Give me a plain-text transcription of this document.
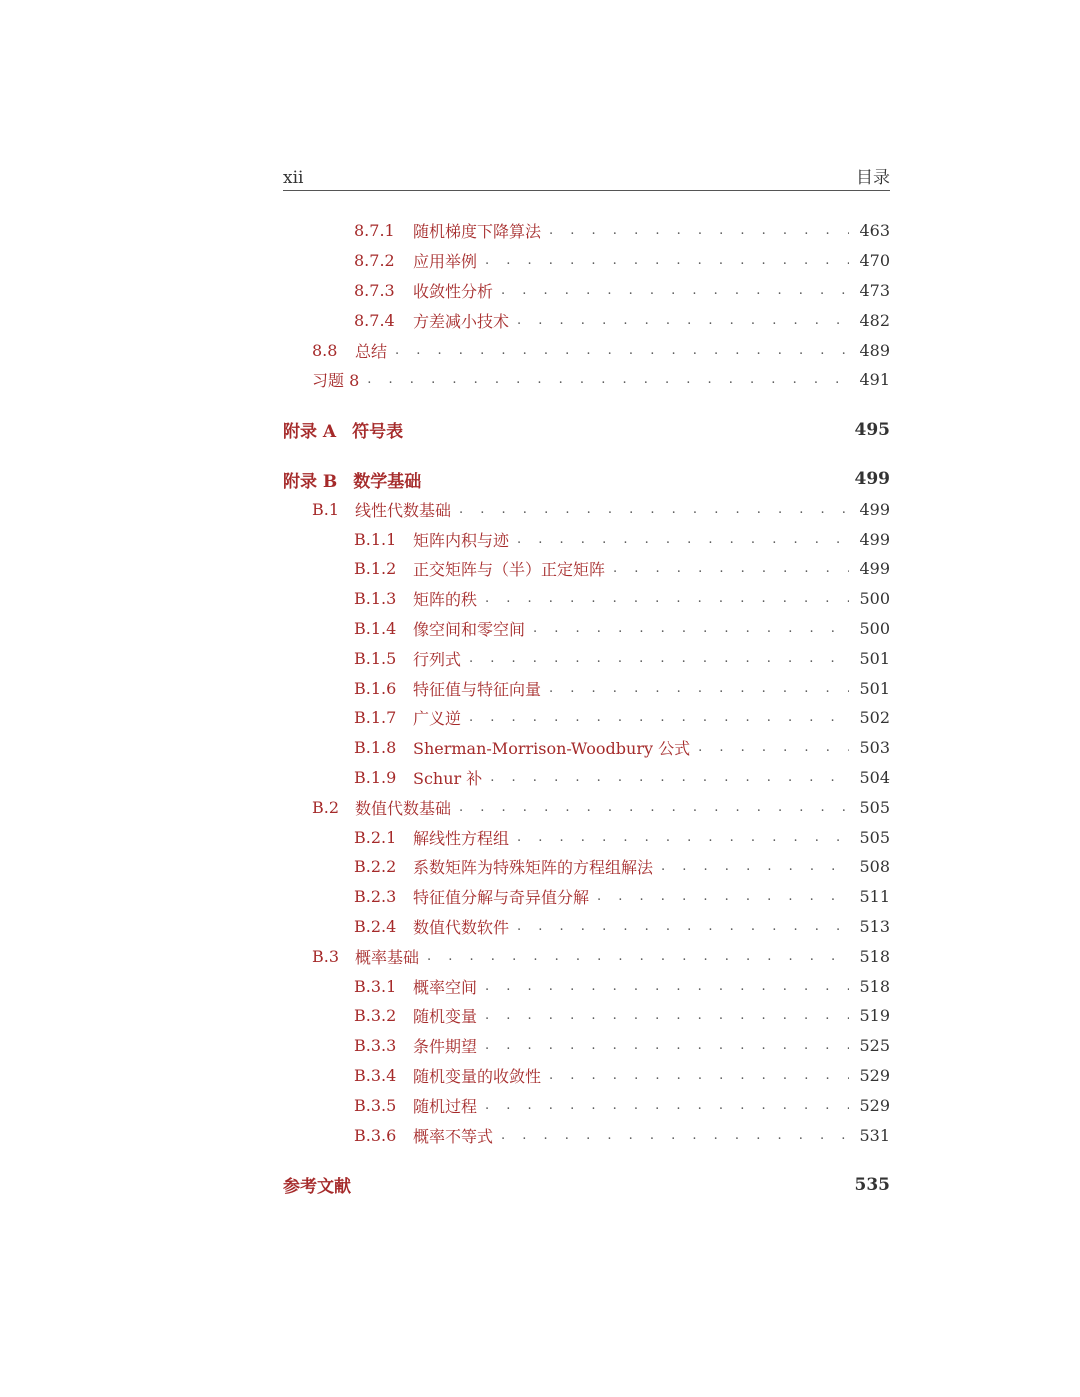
xii	目录
8.7.1	随机梯度下降算法 . . .	463
8.7.2	应用举例 . . .	470
8.7.3	收敛性分析 . . .	473
8.7.4	方差减小技术 . . .	482
8.8	总结 . . .	489
习题 8 . . .	491
附录 A 符号表	495
附录 B 数学基础	499
B.1 线性代数基础 . . .	499
B.1.1	矩阵内积与迹 . . .	499
B.1.2	正交矩阵与（半）正定矩阵 . . .	499
B.1.3	矩阵的秩 . . .	500
B.1.4	像空间和零空间 . . .	500
B.1.5	行列式 . . .	501
B.1.6	特征值与特征向量 . . .	501
B.1.7	广义逆 . . .	502
B.1.8	Sherman-Morrison-Woodbury 公式 . . .	503
B.1.9	Schur 补 . . .	504
B.2 数值代数基础 . . .	505
B.2.1	解线性方程组 . . .	505
B.2.2	系数矩阵为特殊矩阵的方程组解法 . . .	508
B.2.3	特征值分解与奇异值分解 . . .	511
B.2.4	数值代数软件 . . .	513
B.3 概率基础 . . .	518
B.3.1	概率空间 . . .	518
B.3.2	随机变量 . . .	519
B.3.3	条件期望 . . .	525
B.3.4	随机变量的收敛性 . . .	529
B.3.5	随机过程 . . .	529
B.3.6	概率不等式 . . .	531
参考文献	535
